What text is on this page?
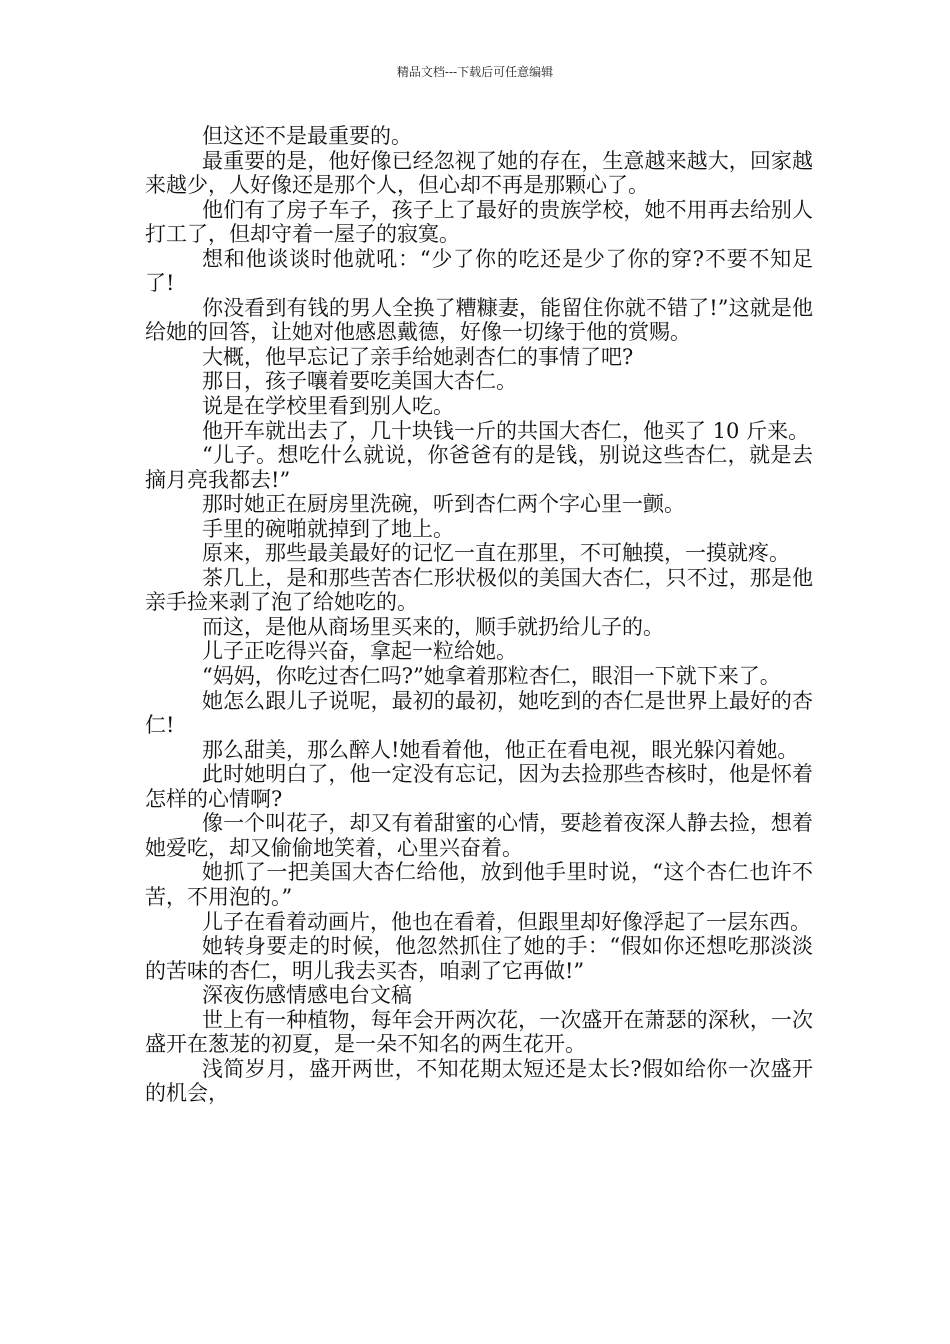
精品文档---下载后可任意编辑

但这还不是最重要的。

最重要的是，他好像已经忽视了她的存在，生意越来越大，回家越来越少，人好像还是那个人，但心却不再是那颗心了。

他们有了房子车子，孩子上了最好的贵族学校，她不用再去给别人打工了，但却守着一屋子的寂寞。

想和他谈谈时他就吼：“少了你的吃还是少了你的穿?不要不知足了!

你没看到有钱的男人全换了糟糠妻，能留住你就不错了!”这就是他给她的回答，让她对他感恩戴德，好像一切缘于他的赏赐。

大概，他早忘记了亲手给她剥杏仁的事情了吧?

那日，孩子嚷着要吃美国大杏仁。

说是在学校里看到别人吃。

他开车就出去了，几十块钱一斤的共国大杏仁，他买了 10 斤来。

“儿子。想吃什么就说，你爸爸有的是钱，别说这些杏仁，就是去摘月亮我都去!”

那时她正在厨房里洗碗，听到杏仁两个字心里一颤。

手里的碗啪就掉到了地上。

原来，那些最美最好的记忆一直在那里，不可触摸，一摸就疼。

茶几上，是和那些苦杏仁形状极似的美国大杏仁，只不过，那是他亲手捡来剥了泡了给她吃的。

而这，是他从商场里买来的，顺手就扔给儿子的。

儿子正吃得兴奋，拿起一粒给她。

“妈妈，你吃过杏仁吗?”她拿着那粒杏仁，眼泪一下就下来了。

她怎么跟儿子说呢，最初的最初，她吃到的杏仁是世界上最好的杏仁!

那么甜美，那么醉人!她看着他，他正在看电视，眼光躲闪着她。

此时她明白了，他一定没有忘记，因为去捡那些杏核时，他是怀着怎样的心情啊?

像一个叫花子，却又有着甜蜜的心情，要趁着夜深人静去捡，想着她爱吃，却又偷偷地笑着，心里兴奋着。

她抓了一把美国大杏仁给他，放到他手里时说，“这个杏仁也许不苦，不用泡的。”

儿子在看着动画片，他也在看着，但跟里却好像浮起了一层东西。

她转身要走的时候，他忽然抓住了她的手：“假如你还想吃那淡淡的苦味的杏仁，明儿我去买杏，咱剥了它再做!”

深夜伤感情感电台文稿

世上有一种植物，每年会开两次花，一次盛开在萧瑟的深秋，一次盛开在葱茏的初夏，是一朵不知名的两生花开。

浅简岁月，盛开两世，不知花期太短还是太长?假如给你一次盛开的机会，
